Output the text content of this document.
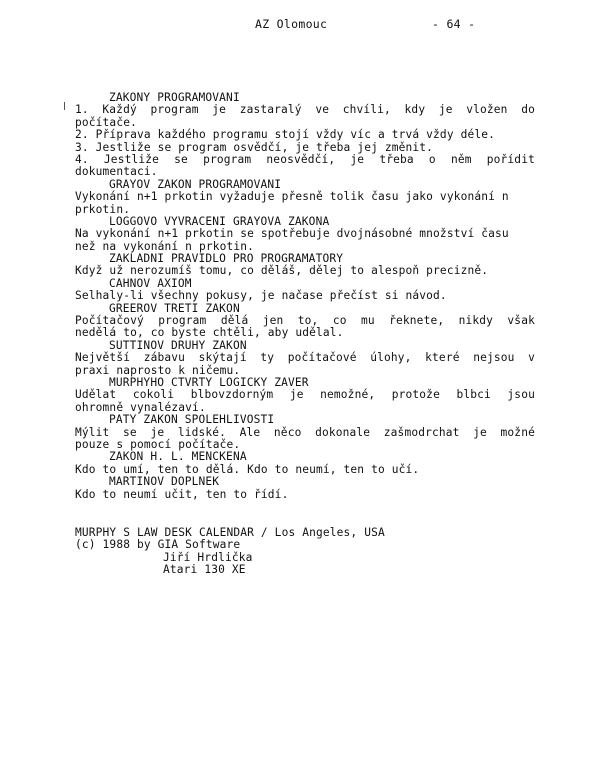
AZ Olomouc	- 64 -
ZAKONY PROGRAMOVANI
1. Každý program je zastaralý ve chvíli, kdy je vložen do
počítače.
2. Příprava každého programu stojí vždy víc a trvá vždy déle.
3. Jestliže se program osvědčí, je třeba jej změnit.
4. Jestliže se program neosvědčí, je třeba o něm pořídit
dokumentaci.
GRAYOV ZAKON PROGRAMOVANI
Vykonání n+1 prkotin vyžaduje přesně tolik času jako vykonání n
prkotin.
LOGGOVO VYVRACENI GRAYOVA ZAKONA
Na vykonání n+1 prkotin se spotřebuje dvojnásobné množství času
než na vykonání n prkotin.
ZAKLADNI PRAVIDLO PRO PROGRAMATORY
Když už nerozumíš tomu, co děláš, dělej to alespoň precizně.
CAHNOV AXIOM
Selhaly-li všechny pokusy, je načase přečíst si návod.
GREEROV TRETI ZAKON
Počítačový program dělá jen to, co mu řeknete, nikdy však
nedělá to, co byste chtěli, aby udělal.
SUTTINOV DRUHY ZAKON
Největší zábavu skýtají ty počítačové úlohy, které nejsou v
praxi naprosto k ničemu.
MURPHYHO CTVRTY LOGICKY ZAVER
Udělat cokoli blbovzdorným je nemožné, protože blbci jsou
ohromně vynalézaví.
PATY ZAKON SPOLEHLIVOSTI
Mýlit se je lidské. Ale něco dokonale zašmodrchat je možné
pouze s pomocí počítače.
ZAKON H. L. MENCKENA
Kdo to umí, ten to dělá. Kdo to neumí, ten to učí.
MARTINOV DOPLNEK
Kdo to neumí učit, ten to řídí.
MURPHY S LAW DESK CALENDAR / Los Angeles, USA
(c) 1988 by GIA Software
Jiří Hrdlička
Atari 130 XE
